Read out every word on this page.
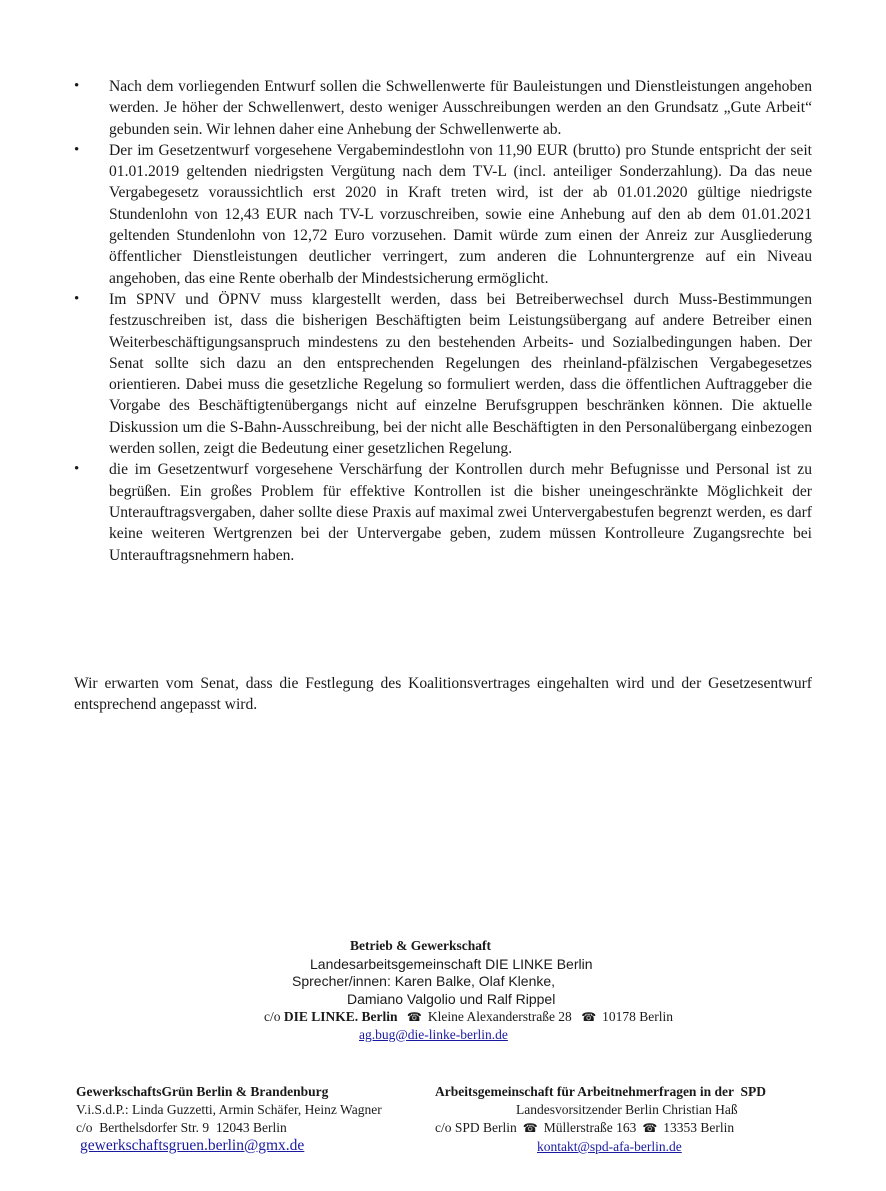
• Nach dem vorliegenden Entwurf sollen die Schwellenwerte für Bauleistungen und Dienstleistungen angehoben werden. Je höher der Schwellenwert, desto weniger Ausschreibungen werden an den Grundsatz „Gute Arbeit“ gebunden sein. Wir lehnen daher eine Anhebung der Schwellenwerte ab.
• Der im Gesetzentwurf vorgesehene Vergabemindestlohn von 11,90 EUR (brutto) pro Stunde entspricht der seit 01.01.2019 geltenden niedrigsten Vergütung nach dem TV-L (incl. anteiliger Sonderzahlung). Da das neue Vergabegesetz voraussichtlich erst 2020 in Kraft treten wird, ist der ab 01.01.2020 gültige niedrigste Stundenlohn von 12,43 EUR nach TV-L vorzuschreiben, sowie eine Anhebung auf den ab dem 01.01.2021 geltenden Stundenlohn von 12,72 Euro vorzusehen. Damit würde zum einen der Anreiz zur Ausgliederung öffentlicher Dienstleistungen deutlicher verringert, zum anderen die Lohnuntergrenze auf ein Niveau angehoben, das eine Rente oberhalb der Mindestsicherung ermöglicht.
• Im SPNV und ÖPNV muss klargestellt werden, dass bei Betreiberwechsel durch Muss-Bestimmungen festzuschreiben ist, dass die bisherigen Beschäftigten beim Leistungsübergang auf andere Betreiber einen Weiterbeschäftigungsanspruch mindestens zu den bestehenden Arbeits- und Sozialbedingungen haben. Der Senat sollte sich dazu an den entsprechenden Regelungen des rheinland-pfälzischen Vergabegesetzes orientieren. Dabei muss die gesetzliche Regelung so formuliert werden, dass die öffentlichen Auftraggeber die Vorgabe des Beschäftigtenübergangs nicht auf einzelne Berufsgruppen beschränken können. Die aktuelle Diskussion um die S-Bahn-Ausschreibung, bei der nicht alle Beschäftigten in den Personalübergang einbezogen werden sollen, zeigt die Bedeutung einer gesetzlichen Regelung.
• die im Gesetzentwurf vorgesehene Verschärfung der Kontrollen durch mehr Befugnisse und Personal ist zu begrüßen. Ein großes Problem für effektive Kontrollen ist die bisher uneingeschränkte Möglichkeit der Unterauftragsvergaben, daher sollte diese Praxis auf maximal zwei Untervergabestufen begrenzt werden, es darf keine weiteren Wertgrenzen bei der Untervergabe geben, zudem müssen Kontrolleure Zugangsrechte bei Unterauftragsnehmern haben.

Wir erwarten vom Senat, dass die Festlegung des Koalitionsvertrages eingehalten wird und der Gesetzesentwurf entsprechend angepasst wird.

Betrieb & Gewerkschaft
Landesarbeitsgemeinschaft DIE LINKE Berlin
Sprecher/innen: Karen Balke, Olaf Klenke,
Damiano Valgolio und Ralf Rippel
c/o DIE LINKE. Berlin ☎ Kleine Alexanderstraße 28 ☎ 10178 Berlin
ag.bug@die-linke-berlin.de
GewerkschaftsGrün Berlin & Brandenburg
V.i.S.d.P.: Linda Guzzetti, Armin Schäfer, Heinz Wagner
c/o  Berthelsdorfer Str. 9  12043 Berlin
gewerkschaftsgruen.berlin@gmx.de
Arbeitsgemeinschaft für Arbeitnehmerfragen in der  SPD
Landesvorsitzender Berlin Christian Haß
c/o SPD Berlin ☎ Müllerstraße 163 ☎ 13353 Berlin
kontakt@spd-afa-berlin.de
